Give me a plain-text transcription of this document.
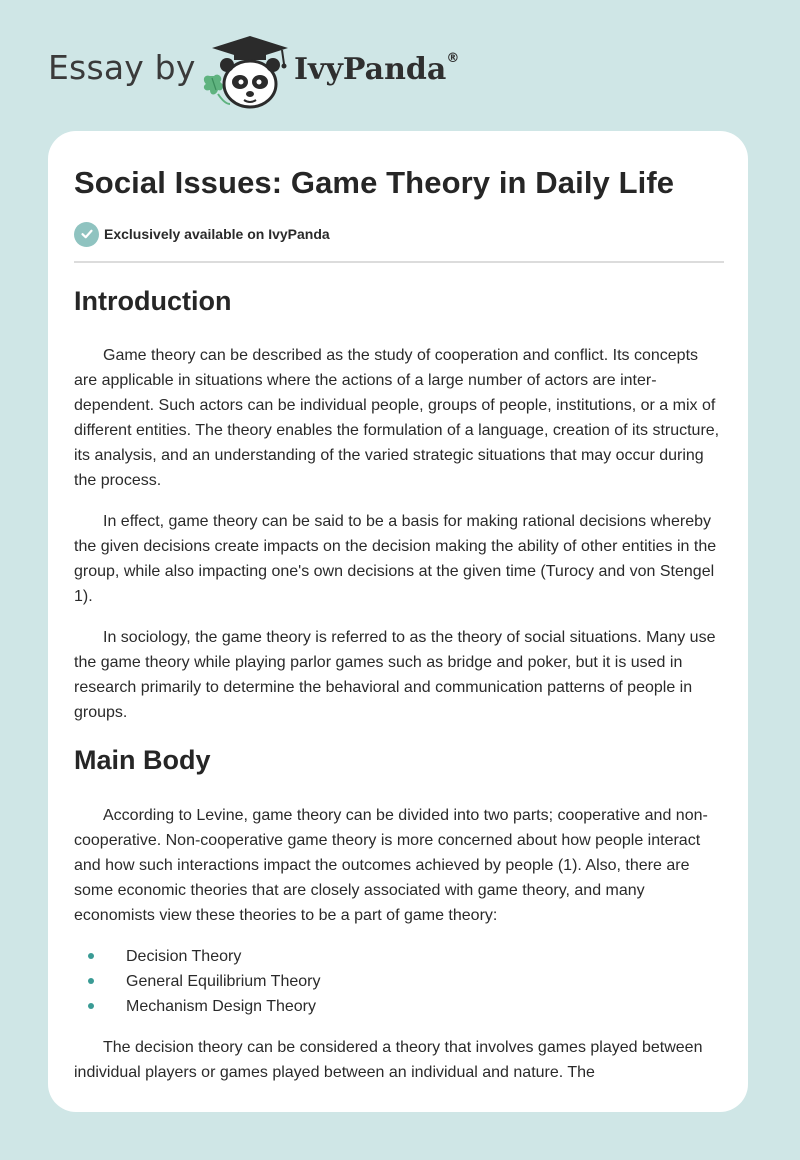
Essay by	IvyPanda®
Social Issues: Game Theory in Daily Life
Exclusively available on IvyPanda
Introduction

Game theory can be described as the study of cooperation and conflict. Its concepts are applicable in situations where the actions of a large number of actors are inter-dependent. Such actors can be individual people, groups of people, institutions, or a mix of different entities. The theory enables the formulation of a language, creation of its structure, its analysis, and an understanding of the varied strategic situations that may occur during the process.

In effect, game theory can be said to be a basis for making rational decisions whereby the given decisions create impacts on the decision making the ability of other entities in the group, while also impacting one's own decisions at the given time (Turocy and von Stengel 1).

In sociology, the game theory is referred to as the theory of social situations. Many use the game theory while playing parlor games such as bridge and poker, but it is used in research primarily to determine the behavioral and communication patterns of people in groups.

Main Body

According to Levine, game theory can be divided into two parts; cooperative and non-cooperative. Non-cooperative game theory is more concerned about how people interact and how such interactions impact the outcomes achieved by people (1). Also, there are some economic theories that are closely associated with game theory, and many economists view these theories to be a part of game theory:

Decision Theory
General Equilibrium Theory
Mechanism Design Theory

The decision theory can be considered a theory that involves games played between individual players or games played between an individual and nature. The
